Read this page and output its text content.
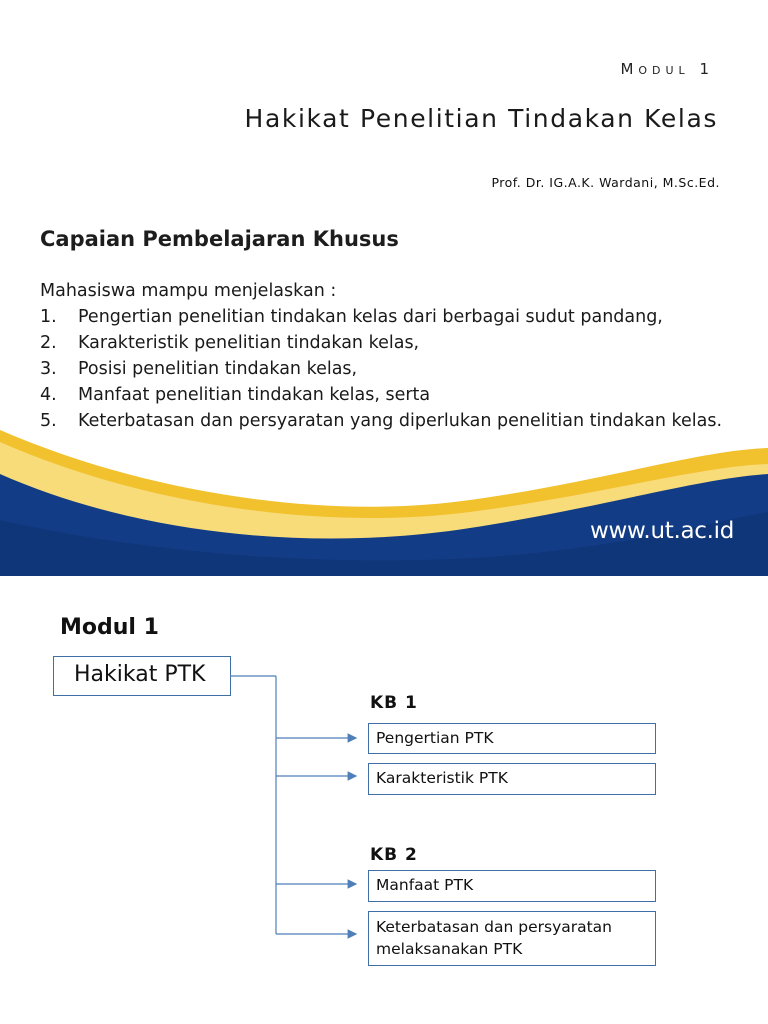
Modul 1

Hakikat Penelitian Tindakan Kelas

Prof. Dr. IG.A.K. Wardani, M.Sc.Ed.

Capaian Pembelajaran Khusus

Mahasiswa mampu menjelaskan :

1. Pengertian penelitian tindakan kelas dari berbagai sudut pandang,
2. Karakteristik penelitian tindakan kelas,
3. Posisi penelitian tindakan kelas,
4. Manfaat penelitian tindakan kelas, serta
5. Keterbatasan dan persyaratan yang diperlukan penelitian tindakan kelas.

www.ut.ac.id

Modul 1

Hakikat PTK

KB 1

Pengertian PTK
Karakteristik PTK

KB 2

Manfaat PTK
Keterbatasan dan persyaratan
melaksanakan PTK
